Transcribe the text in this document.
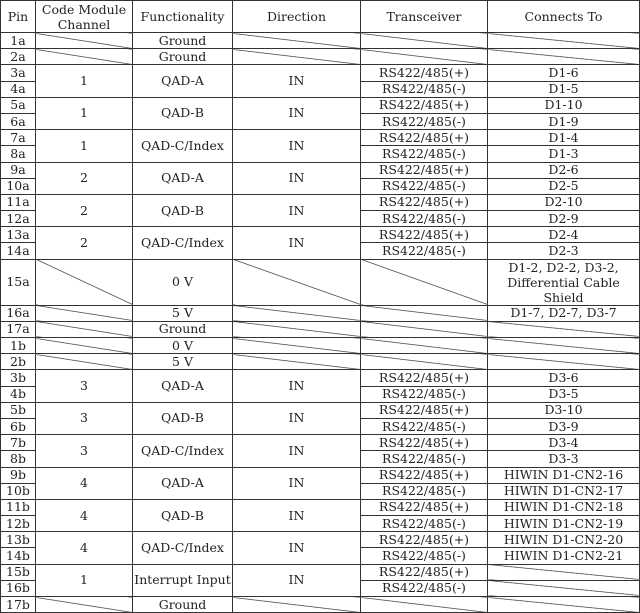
Pin	Code Module Channel	Functionality	Direction	Transceiver	Connects To
1a		Ground			
2a		Ground			
3a	1	QAD-A	IN	RS422/485(+)	D1-6
4a				RS422/485(-)	D1-5
5a	1	QAD-B	IN	RS422/485(+)	D1-10
6a				RS422/485(-)	D1-9
7a	1	QAD-C/Index	IN	RS422/485(+)	D1-4
8a				RS422/485(-)	D1-3
9a	2	QAD-A	IN	RS422/485(+)	D2-6
10a				RS422/485(-)	D2-5
11a	2	QAD-B	IN	RS422/485(+)	D2-10
12a				RS422/485(-)	D2-9
13a	2	QAD-C/Index	IN	RS422/485(+)	D2-4
14a				RS422/485(-)	D2-3
15a		0 V			D1-2, D2-2, D3-2, Differential Cable Shield
16a		5 V			D1-7, D2-7, D3-7
17a		Ground			
1b		0 V			
2b		5 V			
3b	3	QAD-A	IN	RS422/485(+)	D3-6
4b				RS422/485(-)	D3-5
5b	3	QAD-B	IN	RS422/485(+)	D3-10
6b				RS422/485(-)	D3-9
7b	3	QAD-C/Index	IN	RS422/485(+)	D3-4
8b				RS422/485(-)	D3-3
9b	4	QAD-A	IN	RS422/485(+)	HIWIN D1-CN2-16
10b				RS422/485(-)	HIWIN D1-CN2-17
11b	4	QAD-B	IN	RS422/485(+)	HIWIN D1-CN2-18
12b				RS422/485(-)	HIWIN D1-CN2-19
13b	4	QAD-C/Index	IN	RS422/485(+)	HIWIN D1-CN2-20
14b				RS422/485(-)	HIWIN D1-CN2-21
15b	1	Interrupt Input	IN	RS422/485(+)	
16b				RS422/485(-)	
17b		Ground			
